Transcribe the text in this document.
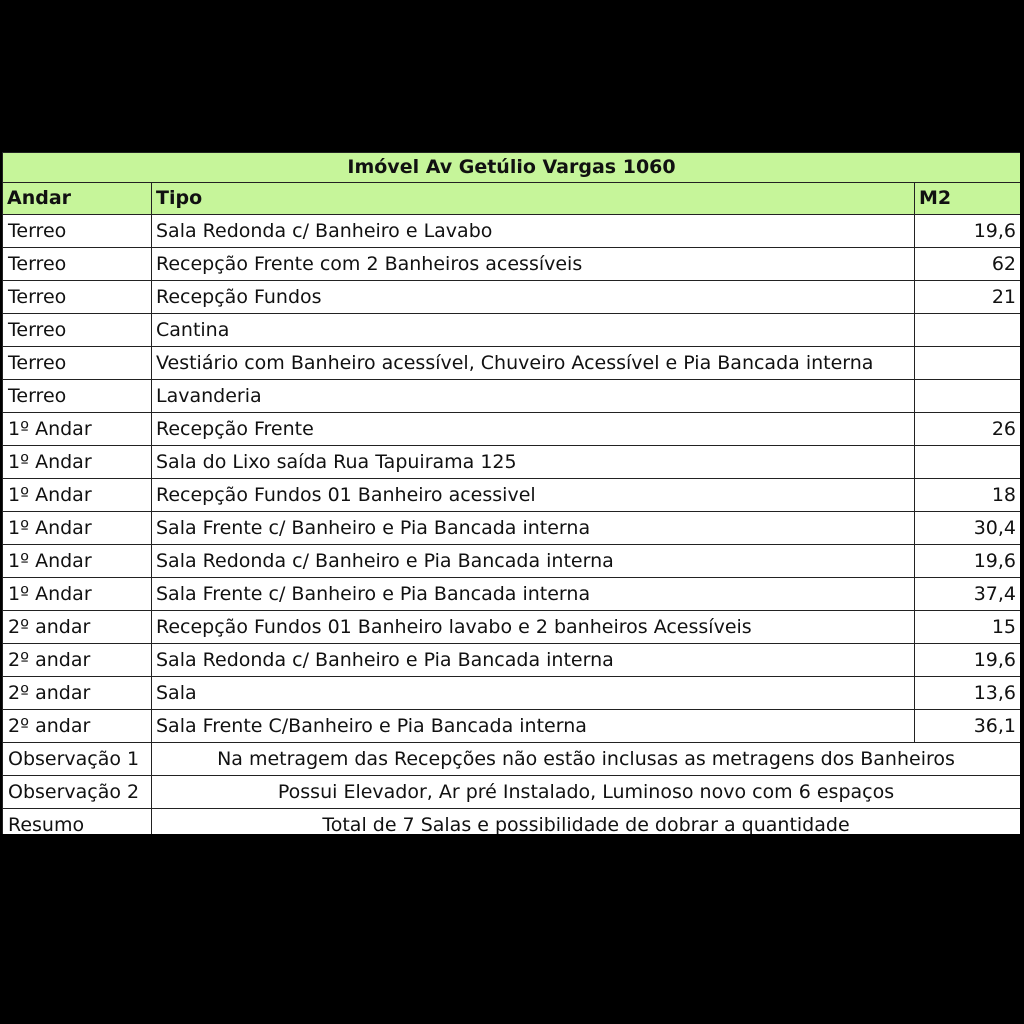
Imóvel Av Getúlio Vargas 1060		
Andar	Tipo	M2
Terreo	Sala Redonda c/ Banheiro e Lavabo	19,6
Terreo	Recepção Frente com 2 Banheiros acessíveis	62
Terreo	Recepção Fundos	21
Terreo	Cantina	
Terreo	Vestiário com Banheiro acessível, Chuveiro Acessível e Pia Bancada interna	
Terreo	Lavanderia	
1º Andar	Recepção Frente	26
1º Andar	Sala do Lixo saída Rua Tapuirama 125	
1º Andar	Recepção Fundos 01 Banheiro acessivel	18
1º Andar	Sala Frente c/ Banheiro e Pia Bancada interna	30,4
1º Andar	Sala Redonda c/ Banheiro e Pia Bancada interna	19,6
1º Andar	Sala Frente c/ Banheiro e Pia Bancada interna	37,4
2º andar	Recepção Fundos 01 Banheiro lavabo e 2 banheiros Acessíveis	15
2º andar	Sala Redonda c/ Banheiro e Pia Bancada interna	19,6
2º andar	Sala	13,6
2º andar	Sala Frente C/Banheiro e Pia Bancada interna	36,1
Observação 1	Na metragem das Recepções não estão inclusas as metragens dos Banheiros	
Observação 2	Possui Elevador, Ar pré Instalado, Luminoso novo com 6 espaços	
Resumo	Total de 7 Salas e possibilidade de dobrar a quantidade	
